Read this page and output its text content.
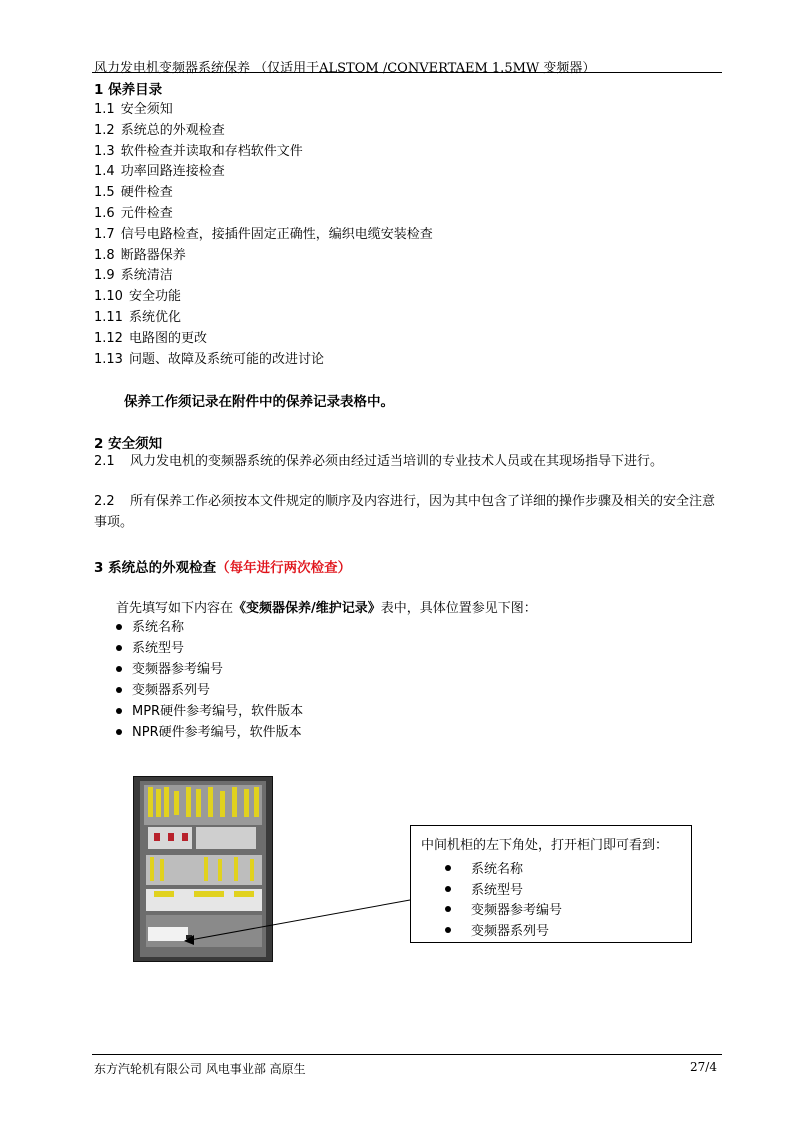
风力发电机变频器系统保养 （仅适用于ALSTOM /CONVERTAEM 1.5MW 变频器）
1 保养目录
1.1 安全须知
1.2 系统总的外观检查
1.3 软件检查并读取和存档软件文件
1.4 功率回路连接检查
1.5 硬件检查
1.6 元件检查
1.7 信号电路检查，接插件固定正确性，编织电缆安装检查
1.8 断路器保养
1.9 系统清洁
1.10 安全功能
1.11 系统优化
1.12 电路图的更改
1.13 问题、故障及系统可能的改进讨论
保养工作须记录在附件中的保养记录表格中。
2 安全须知
2.1 风力发电机的变频器系统的保养必须由经过适当培训的专业技术人员或在其现场指导下进行。
2.2 所有保养工作必须按本文件规定的顺序及内容进行，因为其中包含了详细的操作步骤及相关的安全注意事项。
3 系统总的外观检查（每年进行两次检查）
首先填写如下内容在《变频器保养/维护记录》表中，具体位置参见下图：
系统名称
系统型号
变频器参考编号
变频器系列号
MPR硬件参考编号，软件版本
NPR硬件参考编号，软件版本
中间机柜的左下角处，打开柜门即可看到：
系统名称
系统型号
变频器参考编号
变频器系列号
东方汽轮机有限公司 风电事业部 高原生	27/4
